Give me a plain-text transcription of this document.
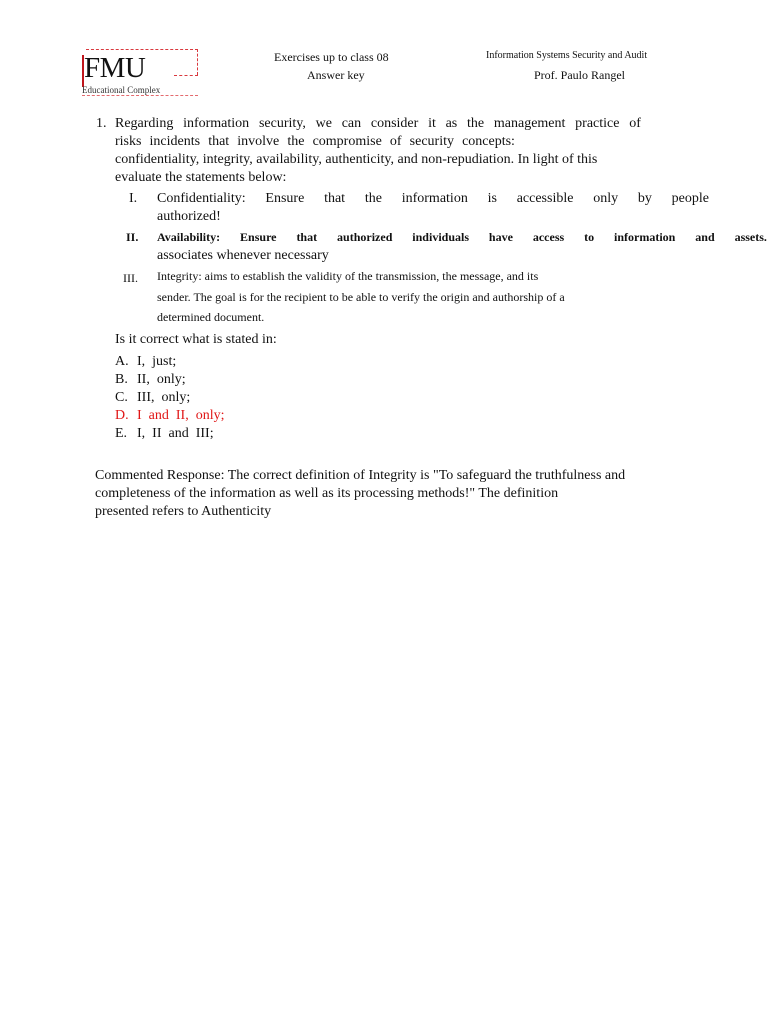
FMU
Educational Complex
Exercises up to class 08
Answer key
Information Systems Security and Audit
Prof. Paulo Rangel
1. Regarding information security, we can consider it as the management practice of
risks incidents that involve the compromise of security concepts:
confidentiality, integrity, availability, authenticity, and non-repudiation. In light of this
evaluate the statements below:
I. Confidentiality: Ensure that the information is accessible only by people
authorized!
II. Availability: Ensure that authorized individuals have access to information and assets.
associates whenever necessary
III. Integrity: aims to establish the validity of the transmission, the message, and its
sender. The goal is for the recipient to be able to verify the origin and authorship of a
determined document.
Is it correct what is stated in:
A. I, just;
B. II, only;
C. III, only;
D. I and II, only;
E. I, II and III;
Commented Response: The correct definition of Integrity is "To safeguard the truthfulness and
completeness of the information as well as its processing methods!" The definition
presented refers to Authenticity
